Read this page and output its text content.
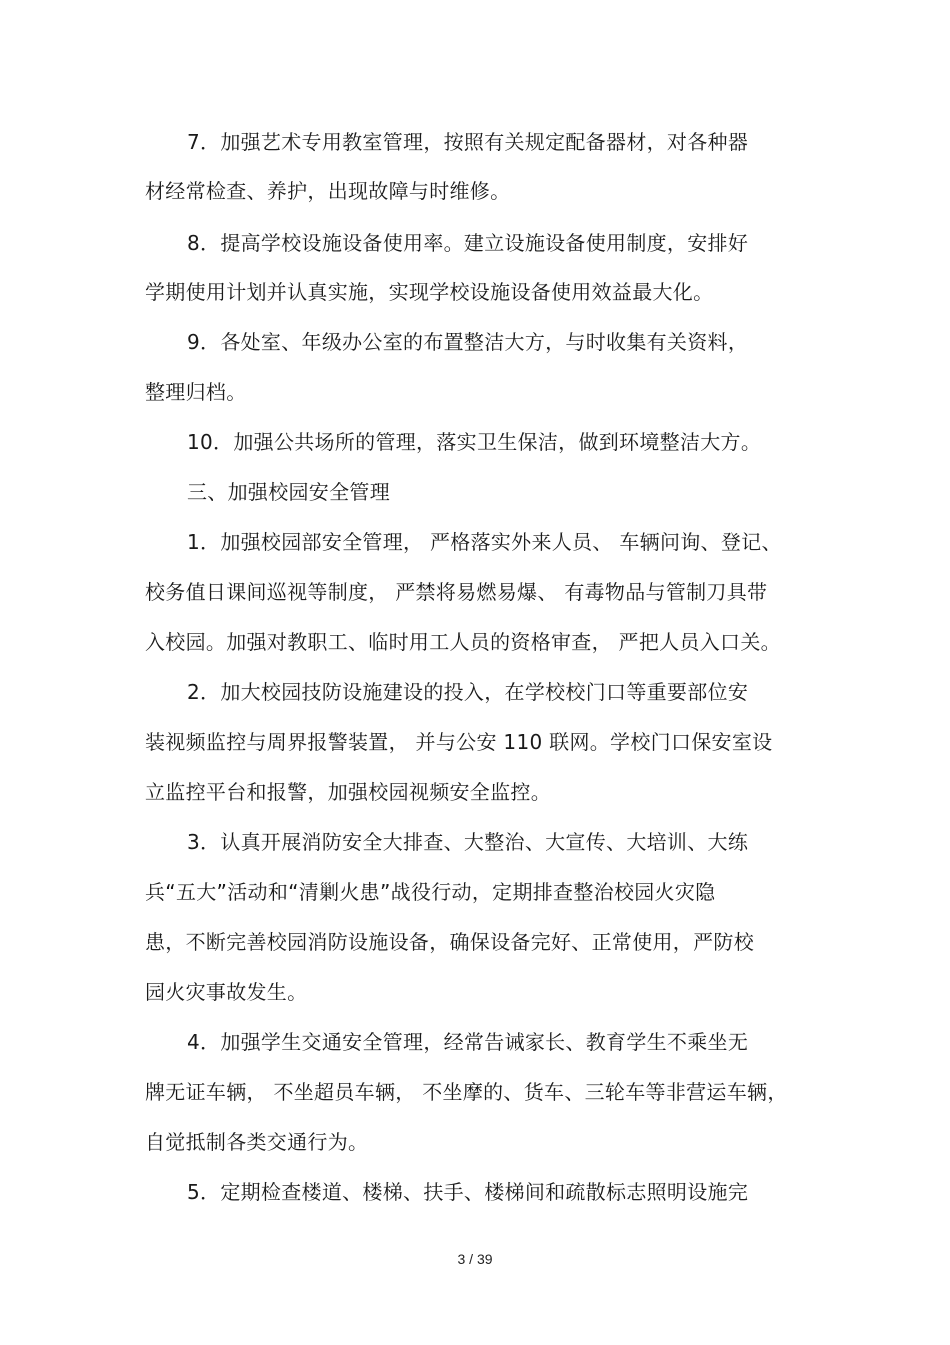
7．加强艺术专用教室管理，按照有关规定配备器材，对各种器
材经常检查、养护，出现故障与时维修。
8．提高学校设施设备使用率。建立设施设备使用制度，安排好
学期使用计划并认真实施，实现学校设施设备使用效益最大化。
9．各处室、年级办公室的布置整洁大方，与时收集有关资料，
整理归档。
10．加强公共场所的管理，落实卫生保洁，做到环境整洁大方。
三、加强校园安全管理
1．加强校园部安全管理， 严格落实外来人员、 车辆问询、登记、
校务值日课间巡视等制度， 严禁将易燃易爆、 有毒物品与管制刀具带
入校园。加强对教职工、临时用工人员的资格审查， 严把人员入口关。
2．加大校园技防设施建设的投入，在学校校门口等重要部位安
装视频监控与周界报警装置， 并与公安 110 联网。学校门口保安室设
立监控平台和报警，加强校园视频安全监控。
3．认真开展消防安全大排查、大整治、大宣传、大培训、大练
兵“五大”活动和“清剿火患”战役行动，定期排查整治校园火灾隐
患，不断完善校园消防设施设备，确保设备完好、正常使用，严防校
园火灾事故发生。
4．加强学生交通安全管理，经常告诫家长、教育学生不乘坐无
牌无证车辆， 不坐超员车辆， 不坐摩的、货车、三轮车等非营运车辆，
自觉抵制各类交通行为。
5．定期检查楼道、楼梯、扶手、楼梯间和疏散标志照明设施完
3 / 39
